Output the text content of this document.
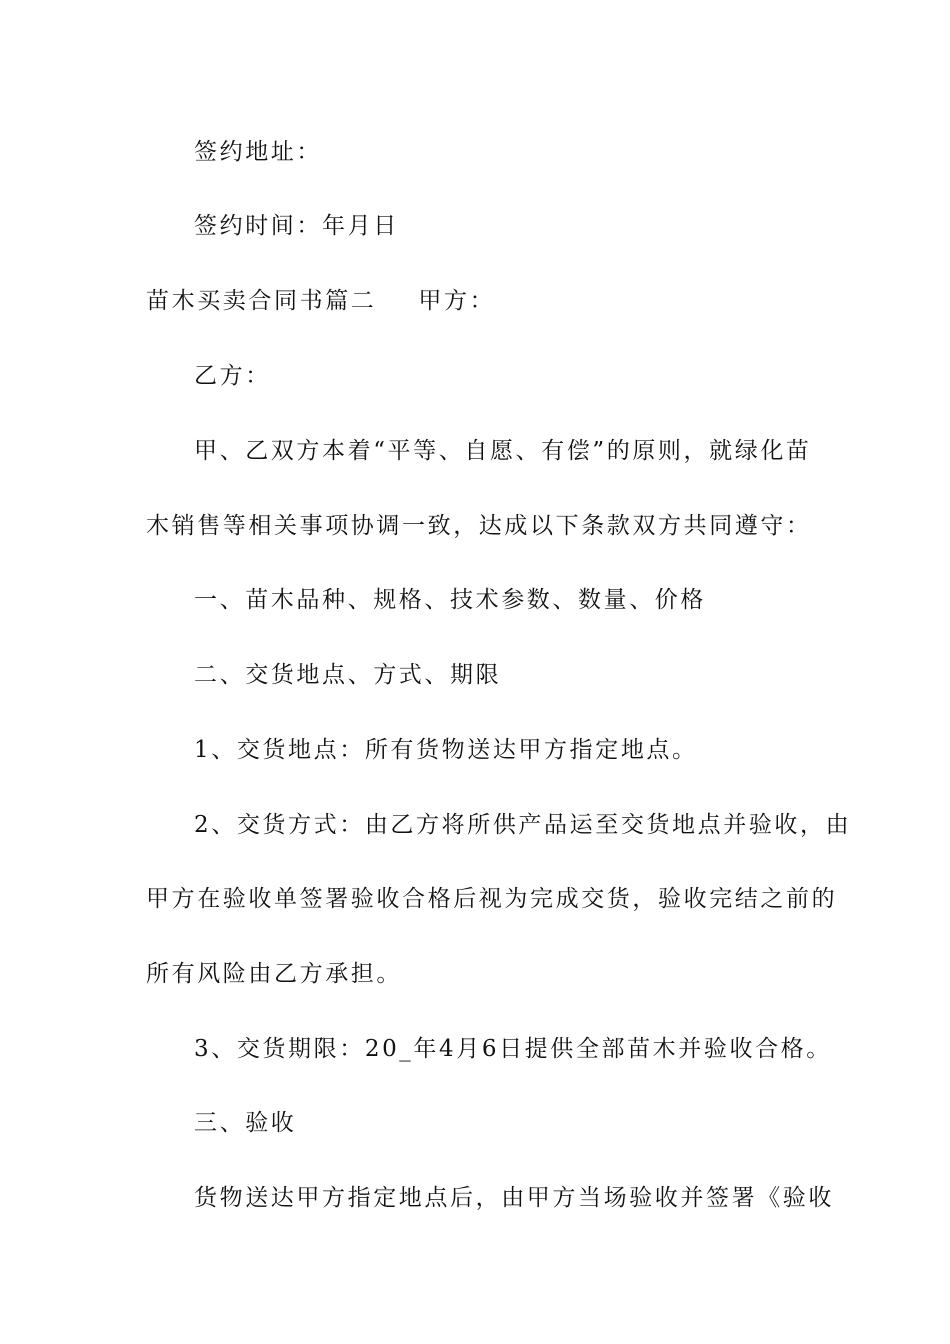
签约地址：
签约时间：年月日
苗木买卖合同书篇二 甲方：
乙方：
甲、乙双方本着“平等、自愿、有偿”的原则，就绿化苗
木销售等相关事项协调一致，达成以下条款双方共同遵守：
一、苗木品种、规格、技术参数、数量、价格
二、交货地点、方式、期限
1、交货地点：所有货物送达甲方指定地点。
2、交货方式：由乙方将所供产品运至交货地点并验收，由
甲方在验收单签署验收合格后视为完成交货，验收完结之前的
所有风险由乙方承担。
3、交货期限：20_年4月6日提供全部苗木并验收合格。
三、验收
货物送达甲方指定地点后，由甲方当场验收并签署《验收
